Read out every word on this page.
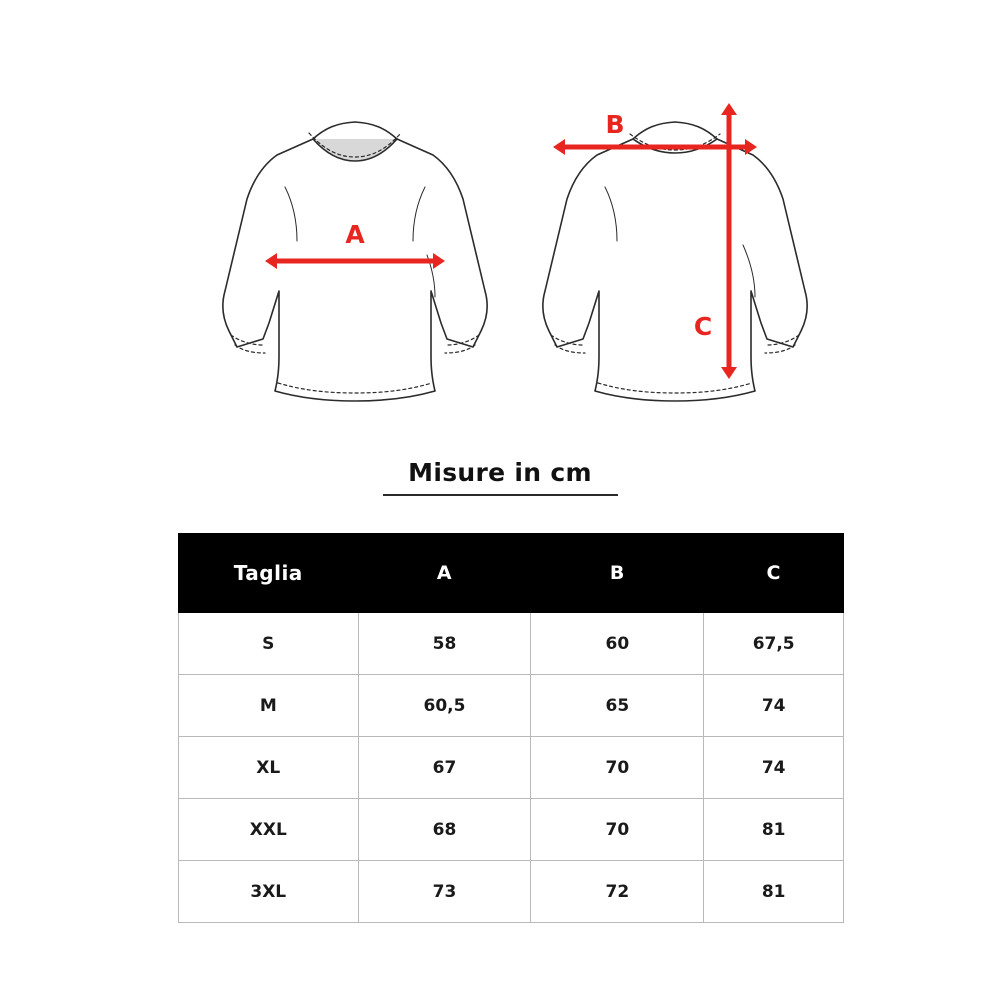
A
B
C
Misure in cm
Taglia	A	B	C
S	58	60	67,5
M	60,5	65	74
XL	67	70	74
XXL	68	70	81
3XL	73	72	81
